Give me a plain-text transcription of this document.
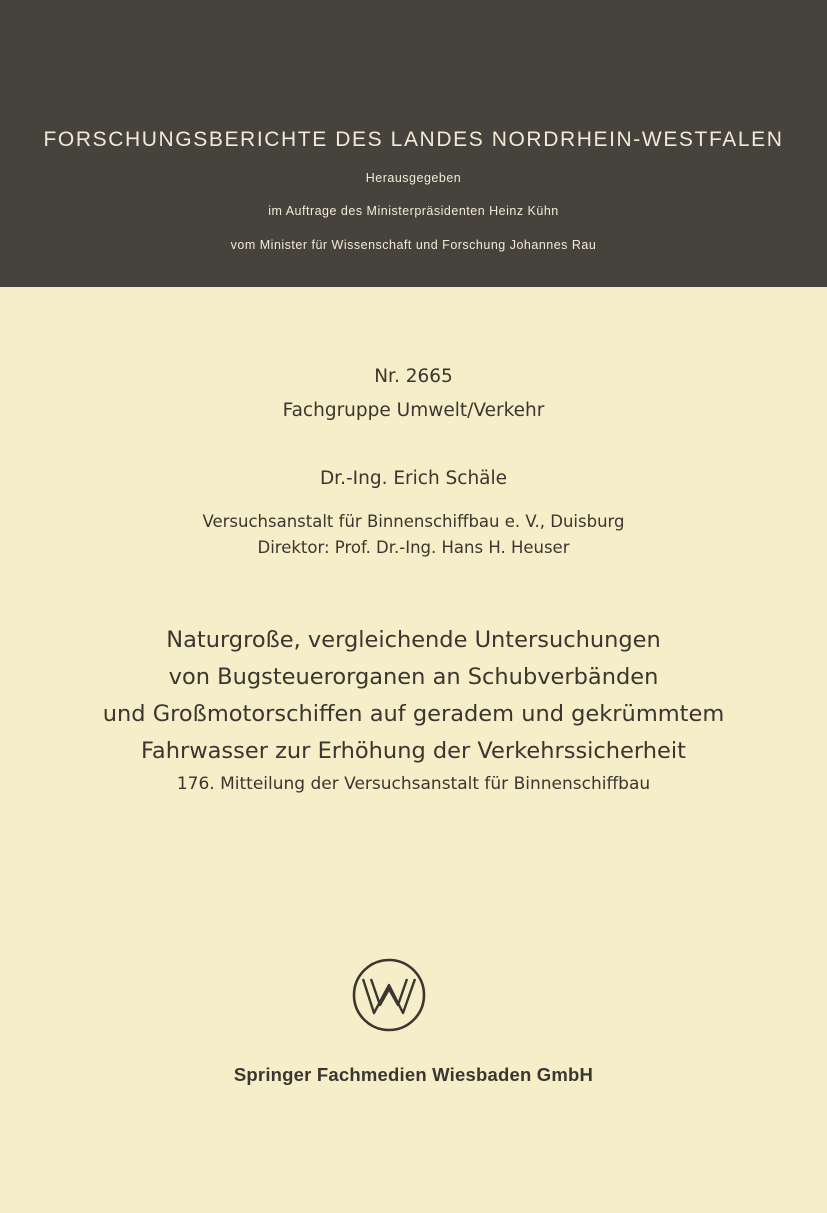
FORSCHUNGSBERICHTE DES LANDES NORDRHEIN-WESTFALEN
Herausgegeben
im Auftrage des Ministerpräsidenten Heinz Kühn
vom Minister für Wissenschaft und Forschung Johannes Rau
Nr. 2665
Fachgruppe Umwelt/Verkehr
Dr.-Ing. Erich Schäle
Versuchsanstalt für Binnenschiffbau e. V., Duisburg
Direktor: Prof. Dr.-Ing. Hans H. Heuser
Naturgroße, vergleichende Untersuchungen
von Bugsteuerorganen an Schubverbänden
und Großmotorschiffen auf geradem und gekrümmtem
Fahrwasser zur Erhöhung der Verkehrssicherheit
176. Mitteilung der Versuchsanstalt für Binnenschiffbau
Springer Fachmedien Wiesbaden GmbH
